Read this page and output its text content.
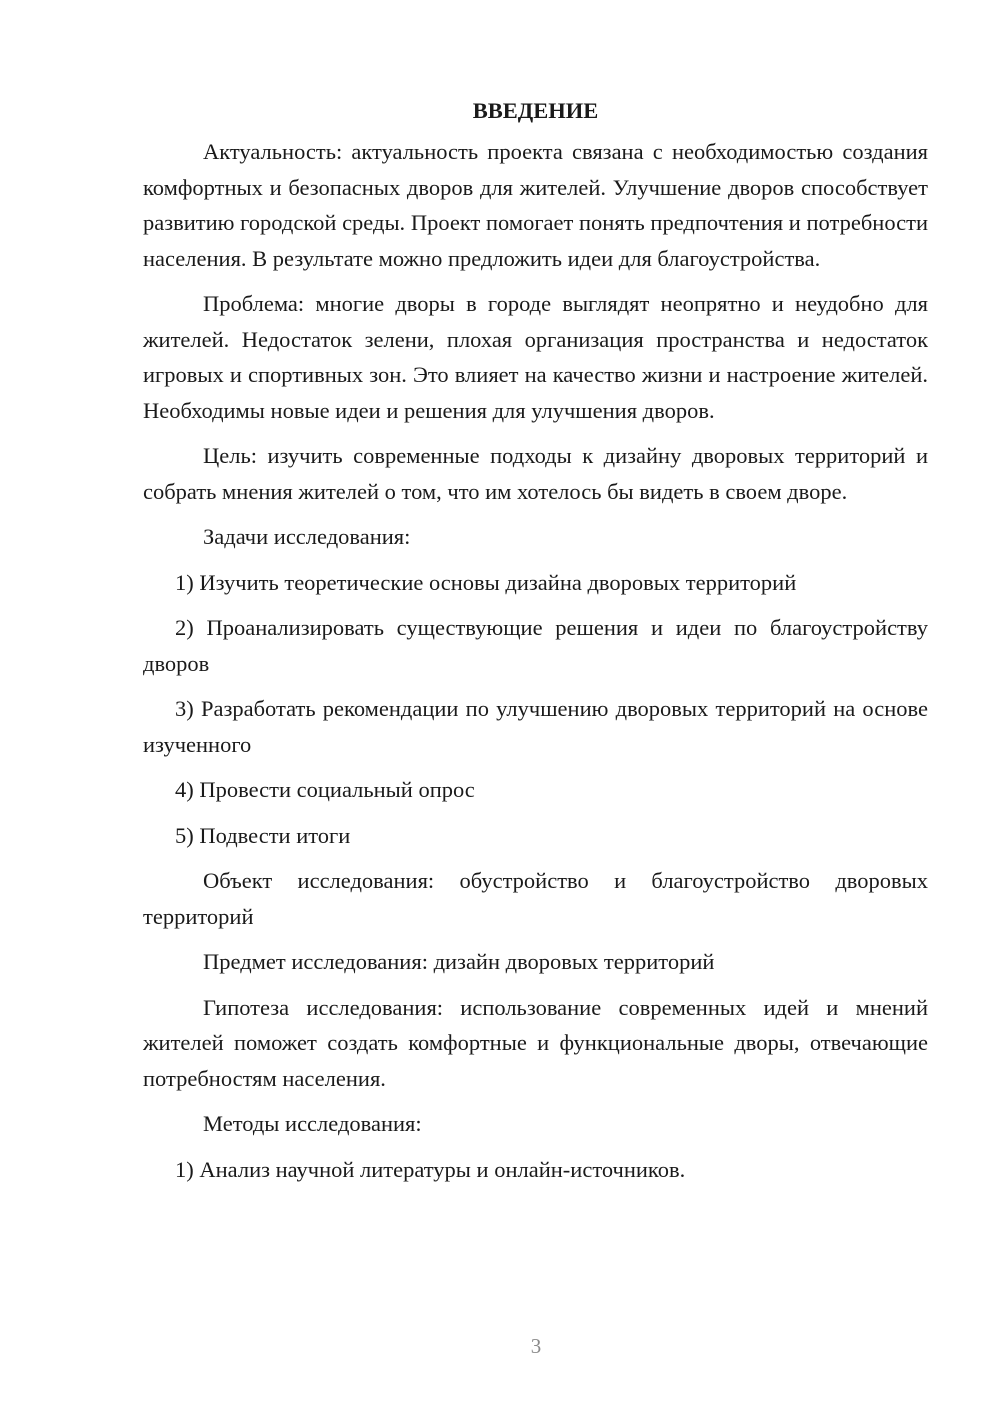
ВВЕДЕНИЕ

Актуальность: актуальность проекта связана с необходимостью создания комфортных и безопасных дворов для жителей. Улучшение дворов способствует развитию городской среды. Проект помогает понять предпочтения и потребности населения. В результате можно предложить идеи для благоустройства.

Проблема: многие дворы в городе выглядят неопрятно и неудобно для жителей. Недостаток зелени, плохая организация пространства и недостаток игровых и спортивных зон. Это влияет на качество жизни и настроение жителей. Необходимы новые идеи и решения для улучшения дворов.

Цель: изучить современные подходы к дизайну дворовых территорий и собрать мнения жителей о том, что им хотелось бы видеть в своем дворе.

Задачи исследования:

1) Изучить теоретические основы дизайна дворовых территорий

2) Проанализировать существующие решения и идеи по благоустройству дворов

3) Разработать рекомендации по улучшению дворовых территорий на основе изученного

4) Провести социальный опрос

5) Подвести итоги

Объект исследования: обустройство и благоустройство дворовых территорий

Предмет исследования: дизайн дворовых территорий

Гипотеза исследования: использование современных идей и мнений жителей поможет создать комфортные и функциональные дворы, отвечающие потребностям населения.

Методы исследования:

1) Анализ научной литературы и онлайн-источников.

3
